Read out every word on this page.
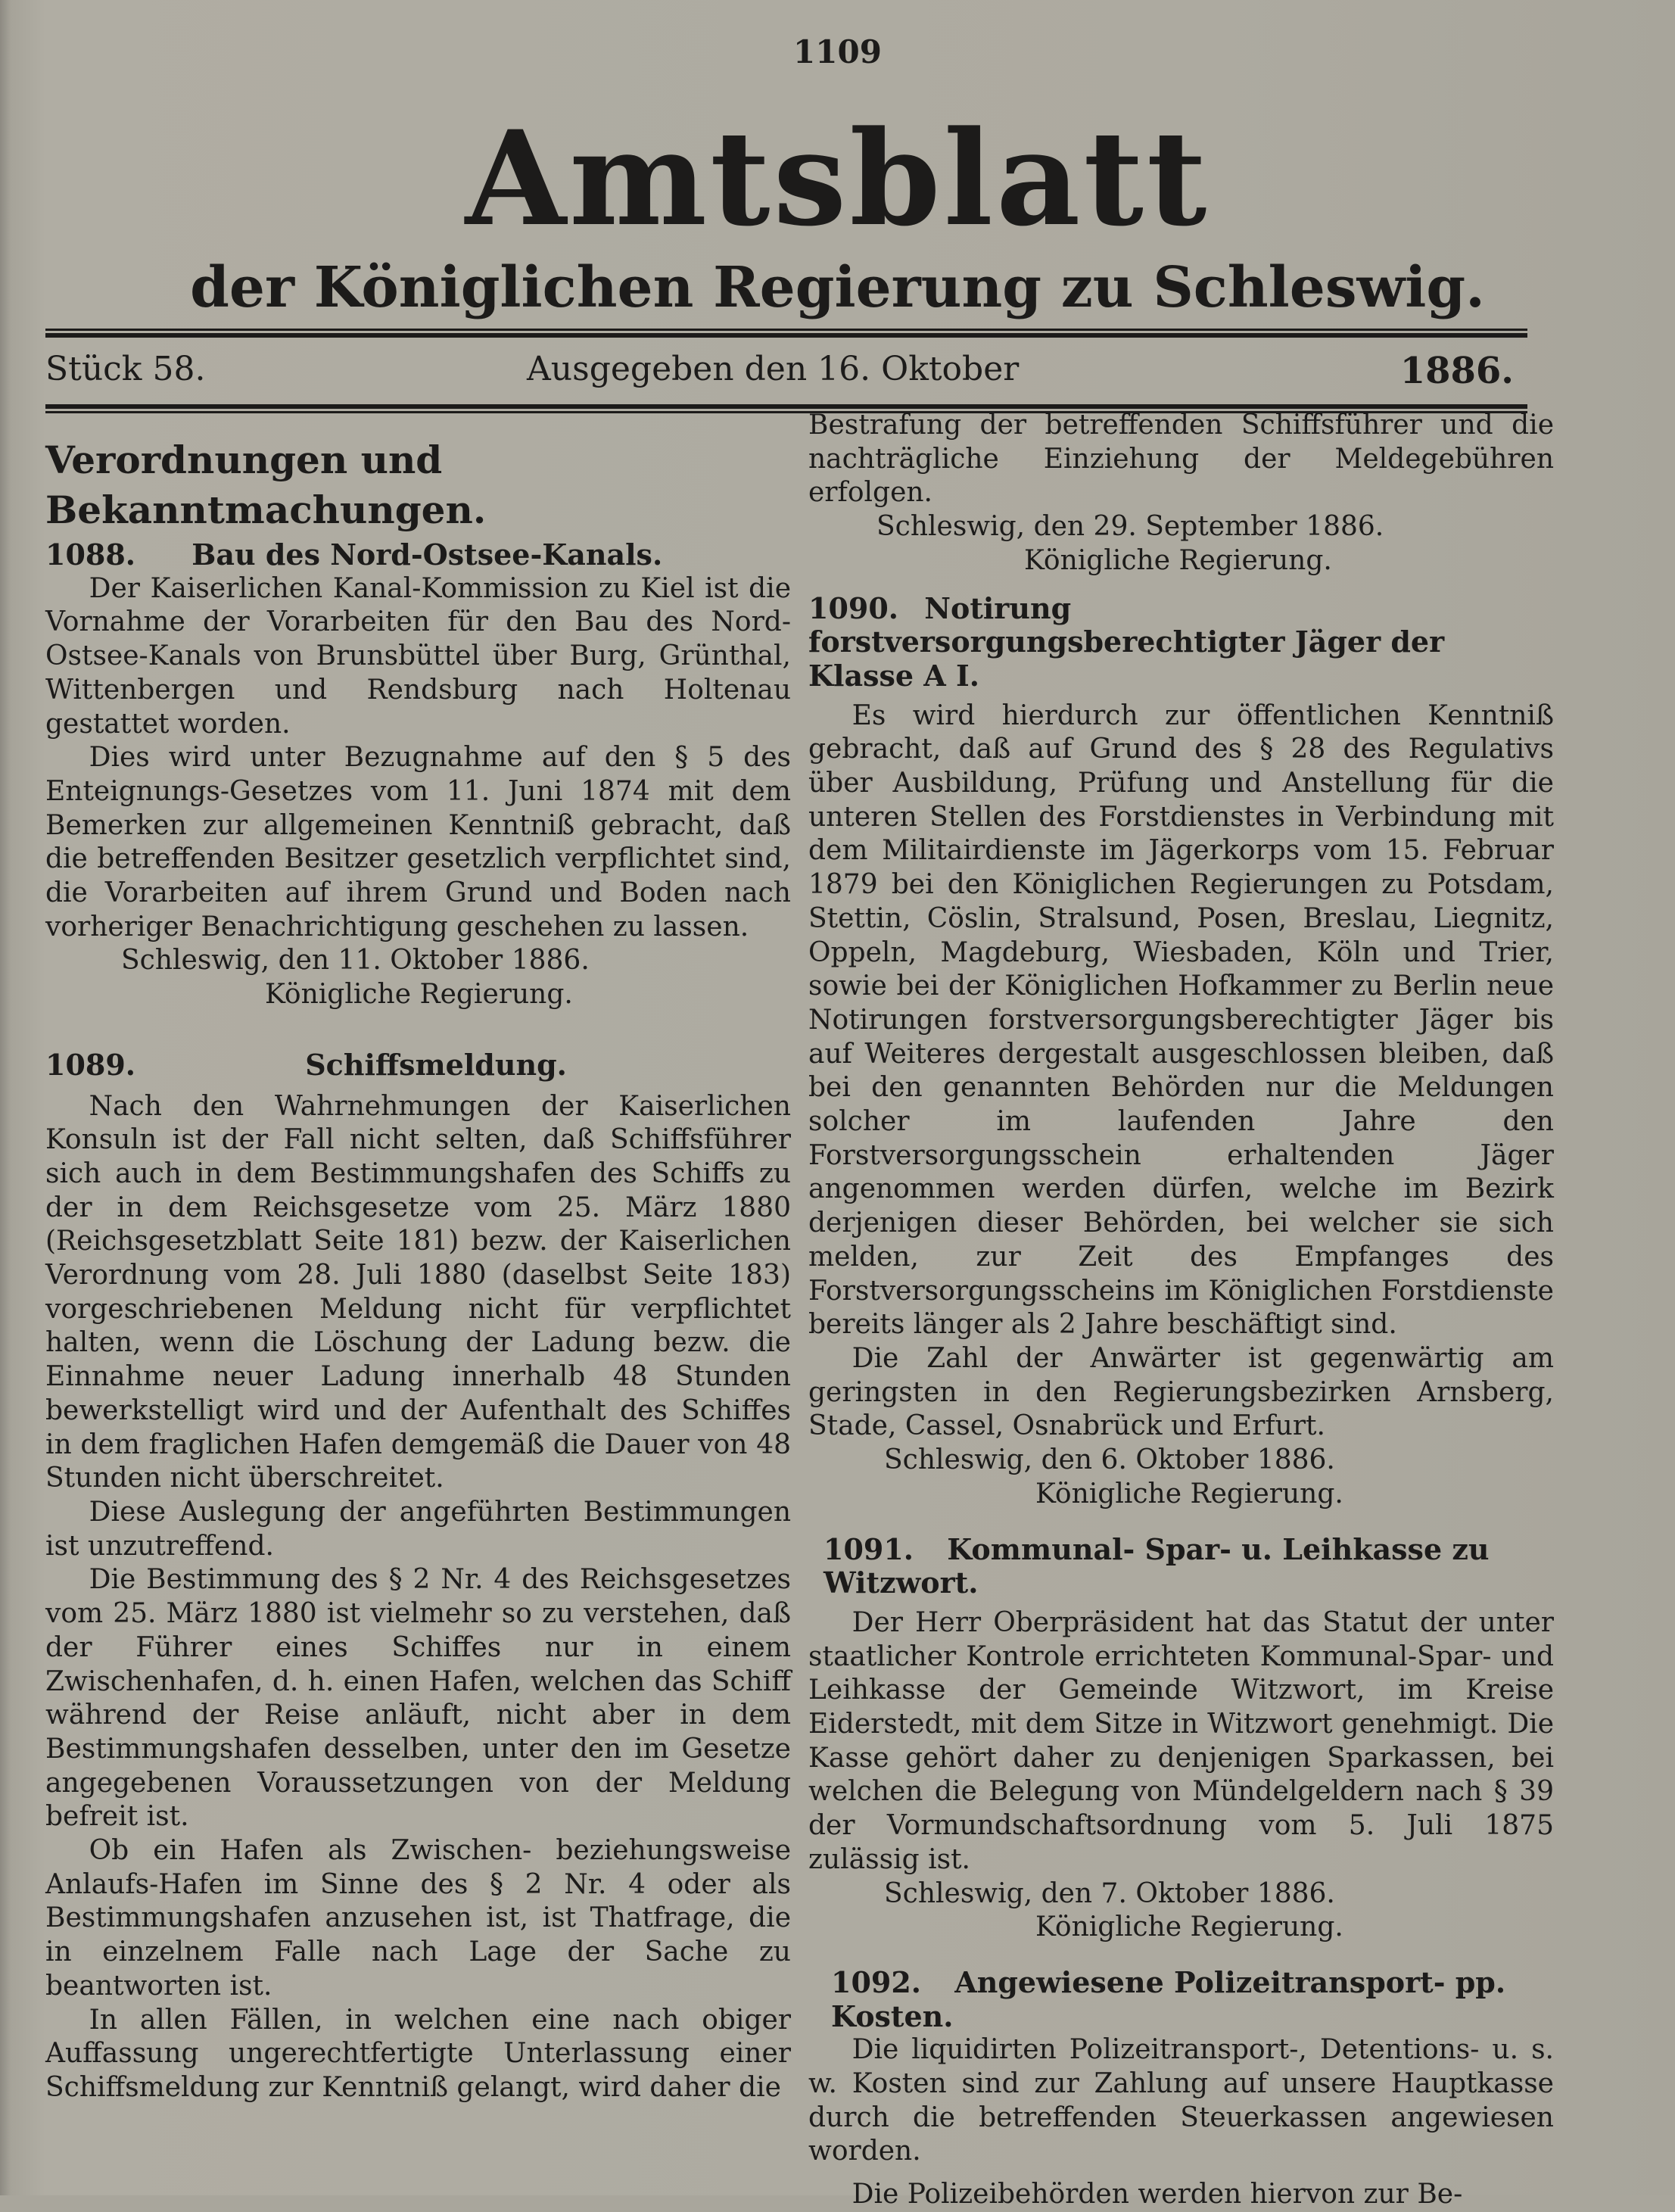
1109
Amtsblatt
der Königlichen Regierung zu Schleswig.
Stück 58.	Ausgegeben den 16. Oktober	1886.
Verordnungen und Bekanntmachungen.
1088. Bau des Nord-Ostsee-Kanals.

Der Kaiserlichen Kanal-Kommission zu Kiel ist die Vornahme der Vorarbeiten für den Bau des Nord-Ostsee-Kanals von Brunsbüttel über Burg, Grünthal, Wittenbergen und Rendsburg nach Holtenau gestattet worden.

Dies wird unter Bezugnahme auf den § 5 des Enteignungs-Gesetzes vom 11. Juni 1874 mit dem Bemerken zur allgemeinen Kenntniß gebracht, daß die betreffenden Besitzer gesetzlich verpflichtet sind, die Vorarbeiten auf ihrem Grund und Boden nach vorheriger Benachrichtigung geschehen zu lassen.

Schleswig, den 11. Oktober 1886.

Königliche Regierung.

1089.	Schiffsmeldung.

Nach den Wahrnehmungen der Kaiserlichen Konsuln ist der Fall nicht selten, daß Schiffsführer sich auch in dem Bestimmungshafen des Schiffs zu der in dem Reichsgesetze vom 25. März 1880 (Reichsgesetzblatt Seite 181) bezw. der Kaiserlichen Verordnung vom 28. Juli 1880 (daselbst Seite 183) vorgeschriebenen Meldung nicht für verpflichtet halten, wenn die Löschung der Ladung bezw. die Einnahme neuer Ladung innerhalb 48 Stunden bewerkstelligt wird und der Aufenthalt des Schiffes in dem fraglichen Hafen demgemäß die Dauer von 48 Stunden nicht überschreitet.

Diese Auslegung der angeführten Bestimmungen ist unzutreffend.

Die Bestimmung des § 2 Nr. 4 des Reichsgesetzes vom 25. März 1880 ist vielmehr so zu verstehen, daß der Führer eines Schiffes nur in einem Zwischenhafen, d. h. einen Hafen, welchen das Schiff während der Reise anläuft, nicht aber in dem Bestimmungshafen desselben, unter den im Gesetze angegebenen Voraussetzungen von der Meldung befreit ist.

Ob ein Hafen als Zwischen- beziehungsweise Anlaufs-Hafen im Sinne des § 2 Nr. 4 oder als Bestimmungshafen anzusehen ist, ist Thatfrage, die in einzelnem Falle nach Lage der Sache zu beantworten ist.

In allen Fällen, in welchen eine nach obiger Auffassung ungerechtfertigte Unterlassung einer Schiffsmeldung zur Kenntniß gelangt, wird daher die

Bestrafung der betreffenden Schiffsführer und die nachträgliche Einziehung der Meldegebühren erfolgen.

Schleswig, den 29. September 1886.

Königliche Regierung.

1090. Notirung forstversorgungsberechtigter Jäger der Klasse A I.

Es wird hierdurch zur öffentlichen Kenntniß gebracht, daß auf Grund des § 28 des Regulativs über Ausbildung, Prüfung und Anstellung für die unteren Stellen des Forstdienstes in Verbindung mit dem Militairdienste im Jägerkorps vom 15. Februar 1879 bei den Königlichen Regierungen zu Potsdam, Stettin, Cöslin, Stralsund, Posen, Breslau, Liegnitz, Oppeln, Magdeburg, Wiesbaden, Köln und Trier, sowie bei der Königlichen Hofkammer zu Berlin neue Notirungen forstversorgungsberechtigter Jäger bis auf Weiteres dergestalt ausgeschlossen bleiben, daß bei den genannten Behörden nur die Meldungen solcher im laufenden Jahre den Forstversorgungsschein erhaltenden Jäger angenommen werden dürfen, welche im Bezirk derjenigen dieser Behörden, bei welcher sie sich melden, zur Zeit des Empfanges des Forstversorgungsscheins im Königlichen Forstdienste bereits länger als 2 Jahre beschäftigt sind.

Die Zahl der Anwärter ist gegenwärtig am geringsten in den Regierungsbezirken Arnsberg, Stade, Cassel, Osnabrück und Erfurt.

Schleswig, den 6. Oktober 1886.

Königliche Regierung.

1091. Kommunal- Spar- u. Leihkasse zu Witzwort.

Der Herr Oberpräsident hat das Statut der unter staatlicher Kontrole errichteten Kommunal-Spar- und Leihkasse der Gemeinde Witzwort, im Kreise Eiderstedt, mit dem Sitze in Witzwort genehmigt. Die Kasse gehört daher zu denjenigen Sparkassen, bei welchen die Belegung von Mündelgeldern nach § 39 der Vormundschaftsordnung vom 5. Juli 1875 zulässig ist.

Schleswig, den 7. Oktober 1886.

Königliche Regierung.

1092. Angewiesene Polizeitransport- pp. Kosten.

Die liquidirten Polizeitransport-, Detentions- u. s. w. Kosten sind zur Zahlung auf unsere Hauptkasse durch die betreffenden Steuerkassen angewiesen worden.

Die Polizeibehörden werden hiervon zur Be-
